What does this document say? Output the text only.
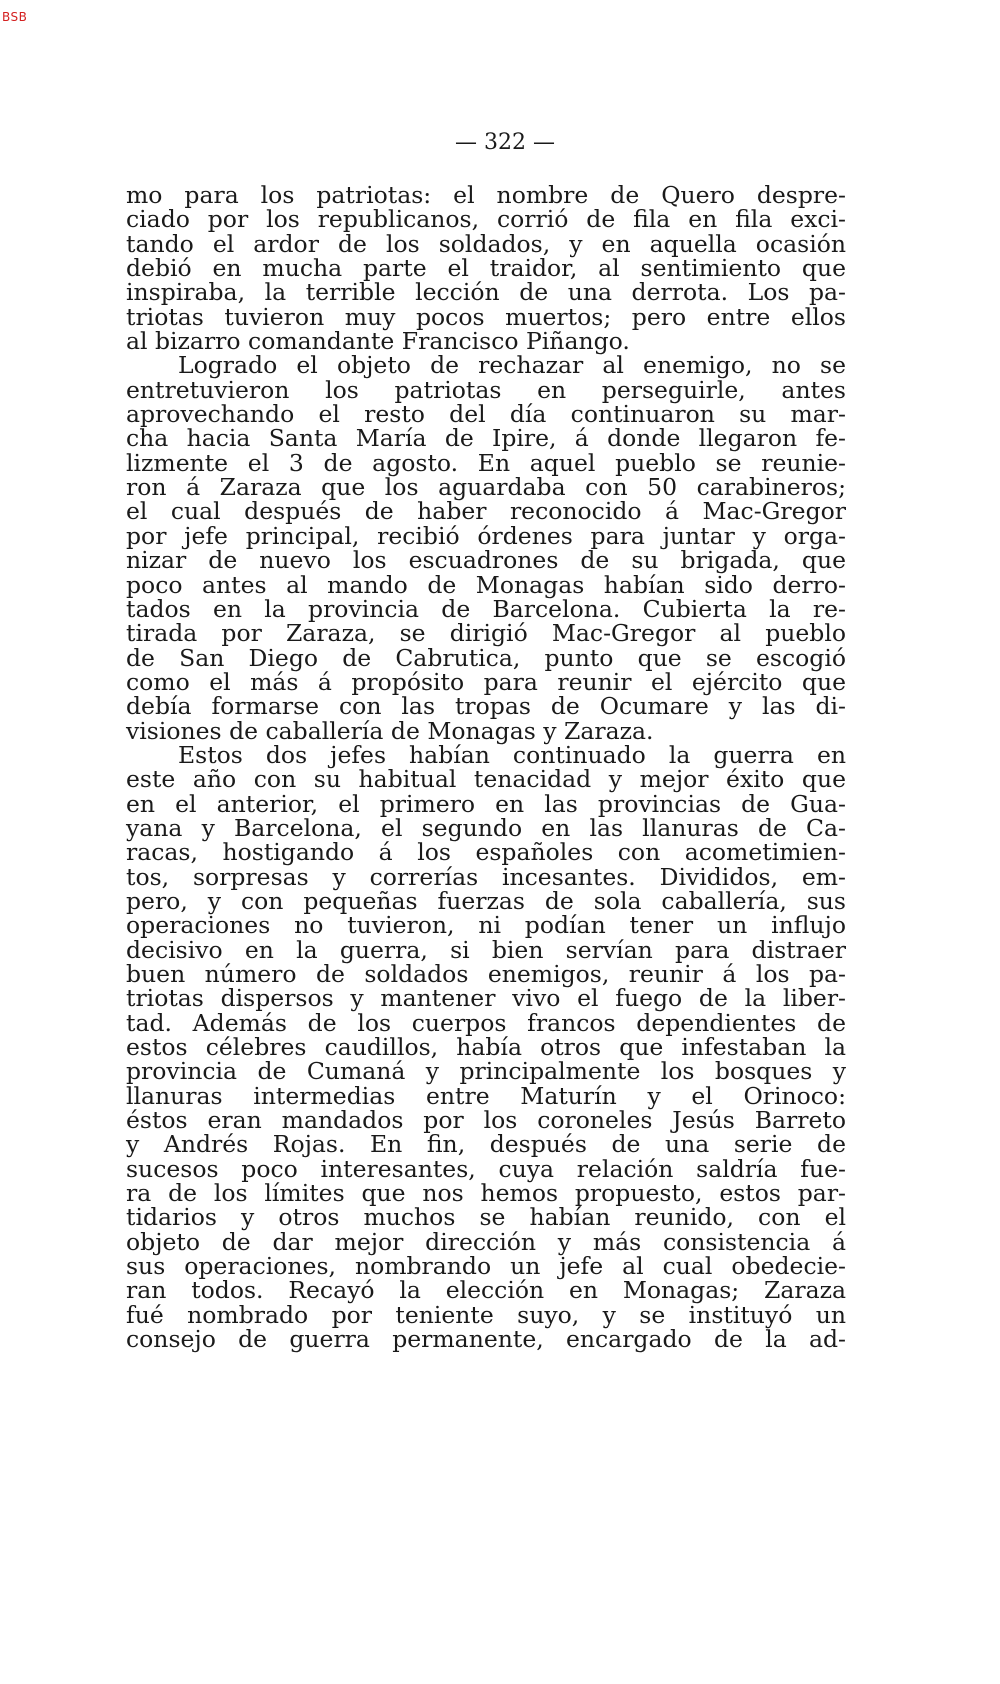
BSB
— 322 —
mo para los patriotas: el nombre de Quero despre-
ciado por los republicanos, corrió de fila en fila exci-
tando el ardor de los soldados, y en aquella ocasión
debió en mucha parte el traidor, al sentimiento que
inspiraba, la terrible lección de una derrota. Los pa-
triotas tuvieron muy pocos muertos; pero entre ellos
al bizarro comandante Francisco Piñango.
Logrado el objeto de rechazar al enemigo, no se
entretuvieron los patriotas en perseguirle, antes
aprovechando el resto del día continuaron su mar-
cha hacia Santa María de Ipire, á donde llegaron fe-
lizmente el 3 de agosto. En aquel pueblo se reunie-
ron á Zaraza que los aguardaba con 50 carabineros;
el cual después de haber reconocido á Mac-Gregor
por jefe principal, recibió órdenes para juntar y orga-
nizar de nuevo los escuadrones de su brigada, que
poco antes al mando de Monagas habían sido derro-
tados en la provincia de Barcelona. Cubierta la re-
tirada por Zaraza, se dirigió Mac-Gregor al pueblo
de San Diego de Cabrutica, punto que se escogió
como el más á propósito para reunir el ejército que
debía formarse con las tropas de Ocumare y las di-
visiones de caballería de Monagas y Zaraza.
Estos dos jefes habían continuado la guerra en
este año con su habitual tenacidad y mejor éxito que
en el anterior, el primero en las provincias de Gua-
yana y Barcelona, el segundo en las llanuras de Ca-
racas, hostigando á los españoles con acometimien-
tos, sorpresas y correrías incesantes. Divididos, em-
pero, y con pequeñas fuerzas de sola caballería, sus
operaciones no tuvieron, ni podían tener un influjo
decisivo en la guerra, si bien servían para distraer
buen número de soldados enemigos, reunir á los pa-
triotas dispersos y mantener vivo el fuego de la liber-
tad. Además de los cuerpos francos dependientes de
estos célebres caudillos, había otros que infestaban la
provincia de Cumaná y principalmente los bosques y
llanuras intermedias entre Maturín y el Orinoco:
éstos eran mandados por los coroneles Jesús Barreto
y Andrés Rojas. En fin, después de una serie de
sucesos poco interesantes, cuya relación saldría fue-
ra de los límites que nos hemos propuesto, estos par-
tidarios y otros muchos se habían reunido, con el
objeto de dar mejor dirección y más consistencia á
sus operaciones, nombrando un jefe al cual obedecie-
ran todos. Recayó la elección en Monagas; Zaraza
fué nombrado por teniente suyo, y se instituyó un
consejo de guerra permanente, encargado de la ad-
